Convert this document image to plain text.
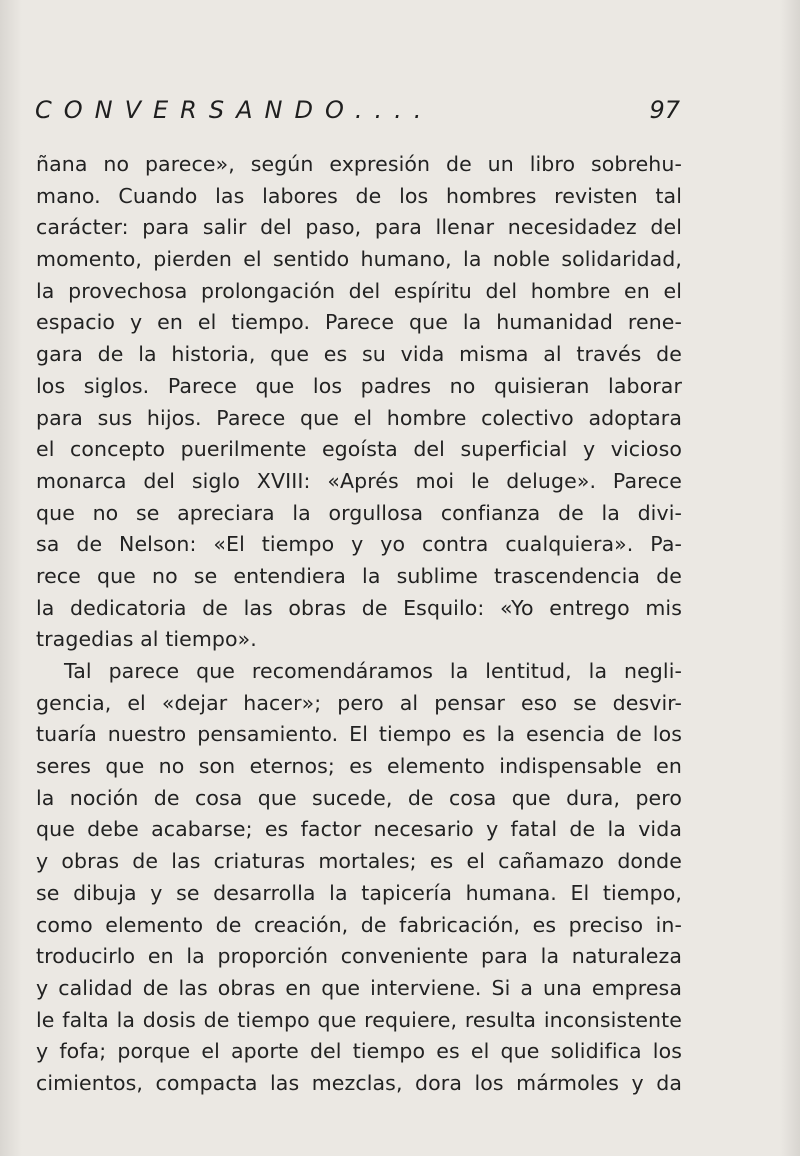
CONVERSANDO....	97
ñana no parece», según expresión de un libro sobrehu-
mano. Cuando las labores de los hombres revisten tal
carácter: para salir del paso, para llenar necesidadez del
momento, pierden el sentido humano, la noble solidaridad,
la provechosa prolongación del espíritu del hombre en el
espacio y en el tiempo. Parece que la humanidad rene-
gara de la historia, que es su vida misma al través de
los siglos. Parece que los padres no quisieran laborar
para sus hijos. Parece que el hombre colectivo adoptara
el concepto puerilmente egoísta del superficial y vicioso
monarca del siglo XVIII: «Aprés moi le deluge». Parece
que no se apreciara la orgullosa confianza de la divi-
sa de Nelson: «El tiempo y yo contra cualquiera». Pa-
rece que no se entendiera la sublime trascendencia de
la dedicatoria de las obras de Esquilo: «Yo entrego mis
tragedias al tiempo».
Tal parece que recomendáramos la lentitud, la negli-
gencia, el «dejar hacer»; pero al pensar eso se desvir-
tuaría nuestro pensamiento. El tiempo es la esencia de los
seres que no son eternos; es elemento indispensable en
la noción de cosa que sucede, de cosa que dura, pero
que debe acabarse; es factor necesario y fatal de la vida
y obras de las criaturas mortales; es el cañamazo donde
se dibuja y se desarrolla la tapicería humana. El tiempo,
como elemento de creación, de fabricación, es preciso in-
troducirlo en la proporción conveniente para la naturaleza
y calidad de las obras en que interviene. Si a una empresa
le falta la dosis de tiempo que requiere, resulta inconsistente
y fofa; porque el aporte del tiempo es el que solidifica los
cimientos, compacta las mezclas, dora los mármoles y da
